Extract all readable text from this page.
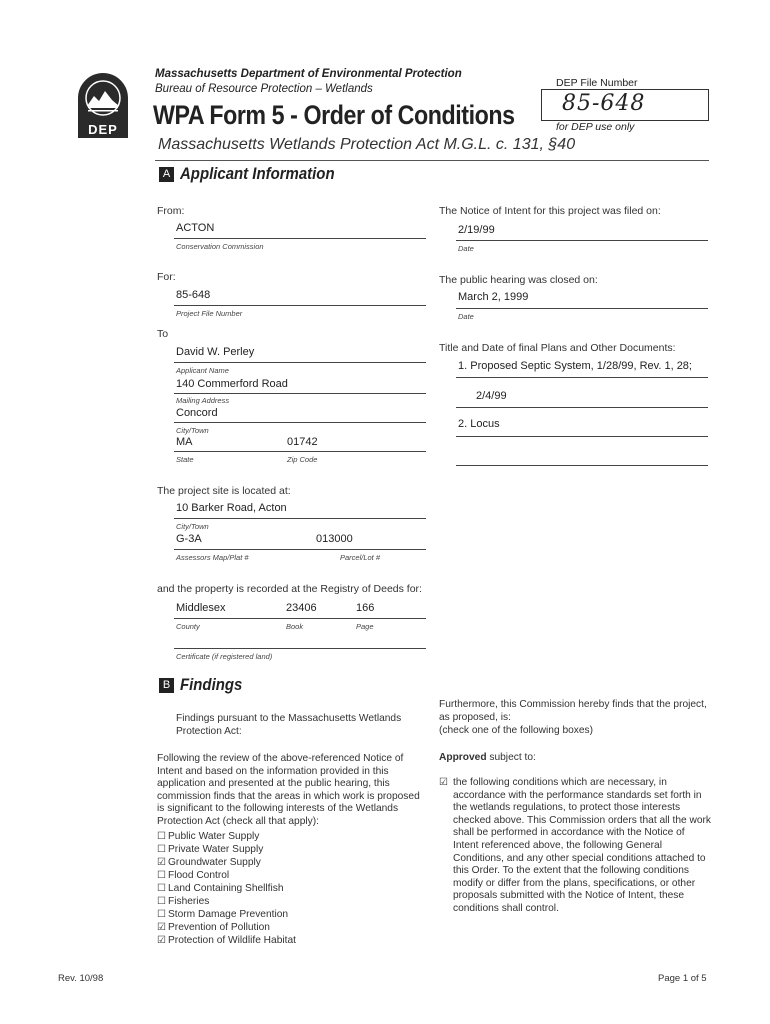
DEP
Massachusetts Department of Environmental Protection
Bureau of Resource Protection – Wetlands
WPA Form 5 - Order of Conditions
Massachusetts Wetlands Protection Act M.G.L. c. 131, §40
DEP File Number
85-648
for DEP use only
A Applicant Information
From:
ACTON
Conservation Commission
For:
85-648
Project File Number
To
David W. Perley
Applicant Name
140 Commerford Road
Mailing Address
Concord
City/Town
MA	01742
State	Zip Code
The Notice of Intent for this project was filed on:
2/19/99
Date
The public hearing was closed on:
March 2, 1999
Date
Title and Date of final Plans and Other Documents:
1. Proposed Septic System, 1/28/99, Rev. 1, 28;
2/4/99
2. Locus
The project site is located at:
10 Barker Road, Acton
City/Town
G-3A	013000
Assessors Map/Plat #	Parcel/Lot #
and the property is recorded at the Registry of Deeds for:
Middlesex	23406	166
County	Book	Page
Certificate (if registered land)
B Findings
Findings pursuant to the Massachusetts Wetlands Protection Act:
Following the review of the above-referenced Notice of Intent and based on the information provided in this application and presented at the public hearing, this commission finds that the areas in which work is proposed is significant to the following interests of the Wetlands Protection Act (check all that apply):
☐ Public Water Supply
☐ Private Water Supply
☑ Groundwater Supply
☐ Flood Control
☐ Land Containing Shellfish
☐ Fisheries
☐ Storm Damage Prevention
☑ Prevention of Pollution
☑ Protection of Wildlife Habitat
Furthermore, this Commission hereby finds that the project, as proposed, is:
(check one of the following boxes)
Approved subject to:
☑ the following conditions which are necessary, in accordance with the performance standards set forth in the wetlands regulations, to protect those interests checked above. This Commission orders that all the work shall be performed in accordance with the Notice of Intent referenced above, the following General Conditions, and any other special conditions attached to this Order. To the extent that the following conditions modify or differ from the plans, specifications, or other proposals submitted with the Notice of Intent, these conditions shall control.
Rev. 10/98	Page 1 of 5
